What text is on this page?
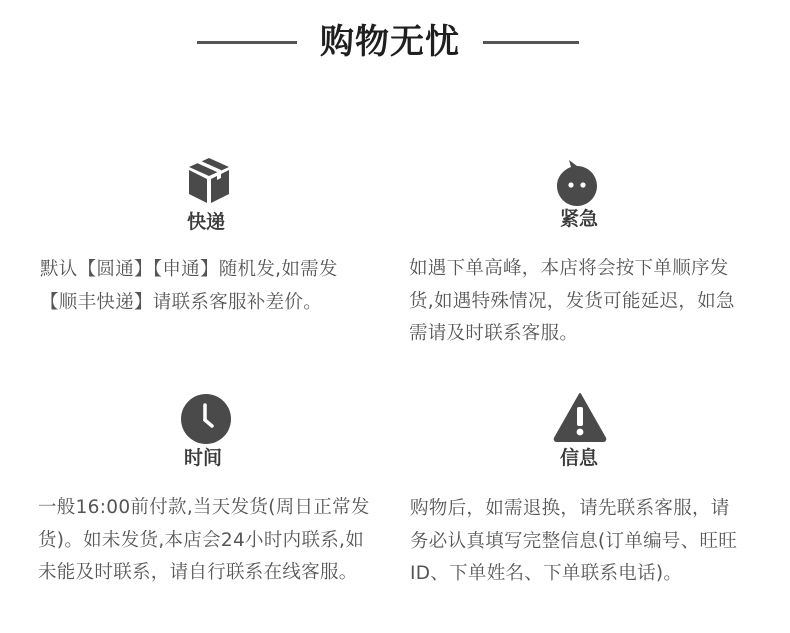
购物无忧
快递
默认【圆通】【申通】随机发,如需发
【顺丰快递】请联系客服补差价。
紧急
如遇下单高峰，本店将会按下单顺序发
货,如遇特殊情况，发货可能延迟，如急
需请及时联系客服。
时间
一般16:00前付款,当天发货(周日正常发
货)。如未发货,本店会24小时内联系,如
未能及时联系，请自行联系在线客服。
信息
购物后，如需退换，请先联系客服，请
务必认真填写完整信息(订单编号、旺旺
ID、下单姓名、下单联系电话)。
